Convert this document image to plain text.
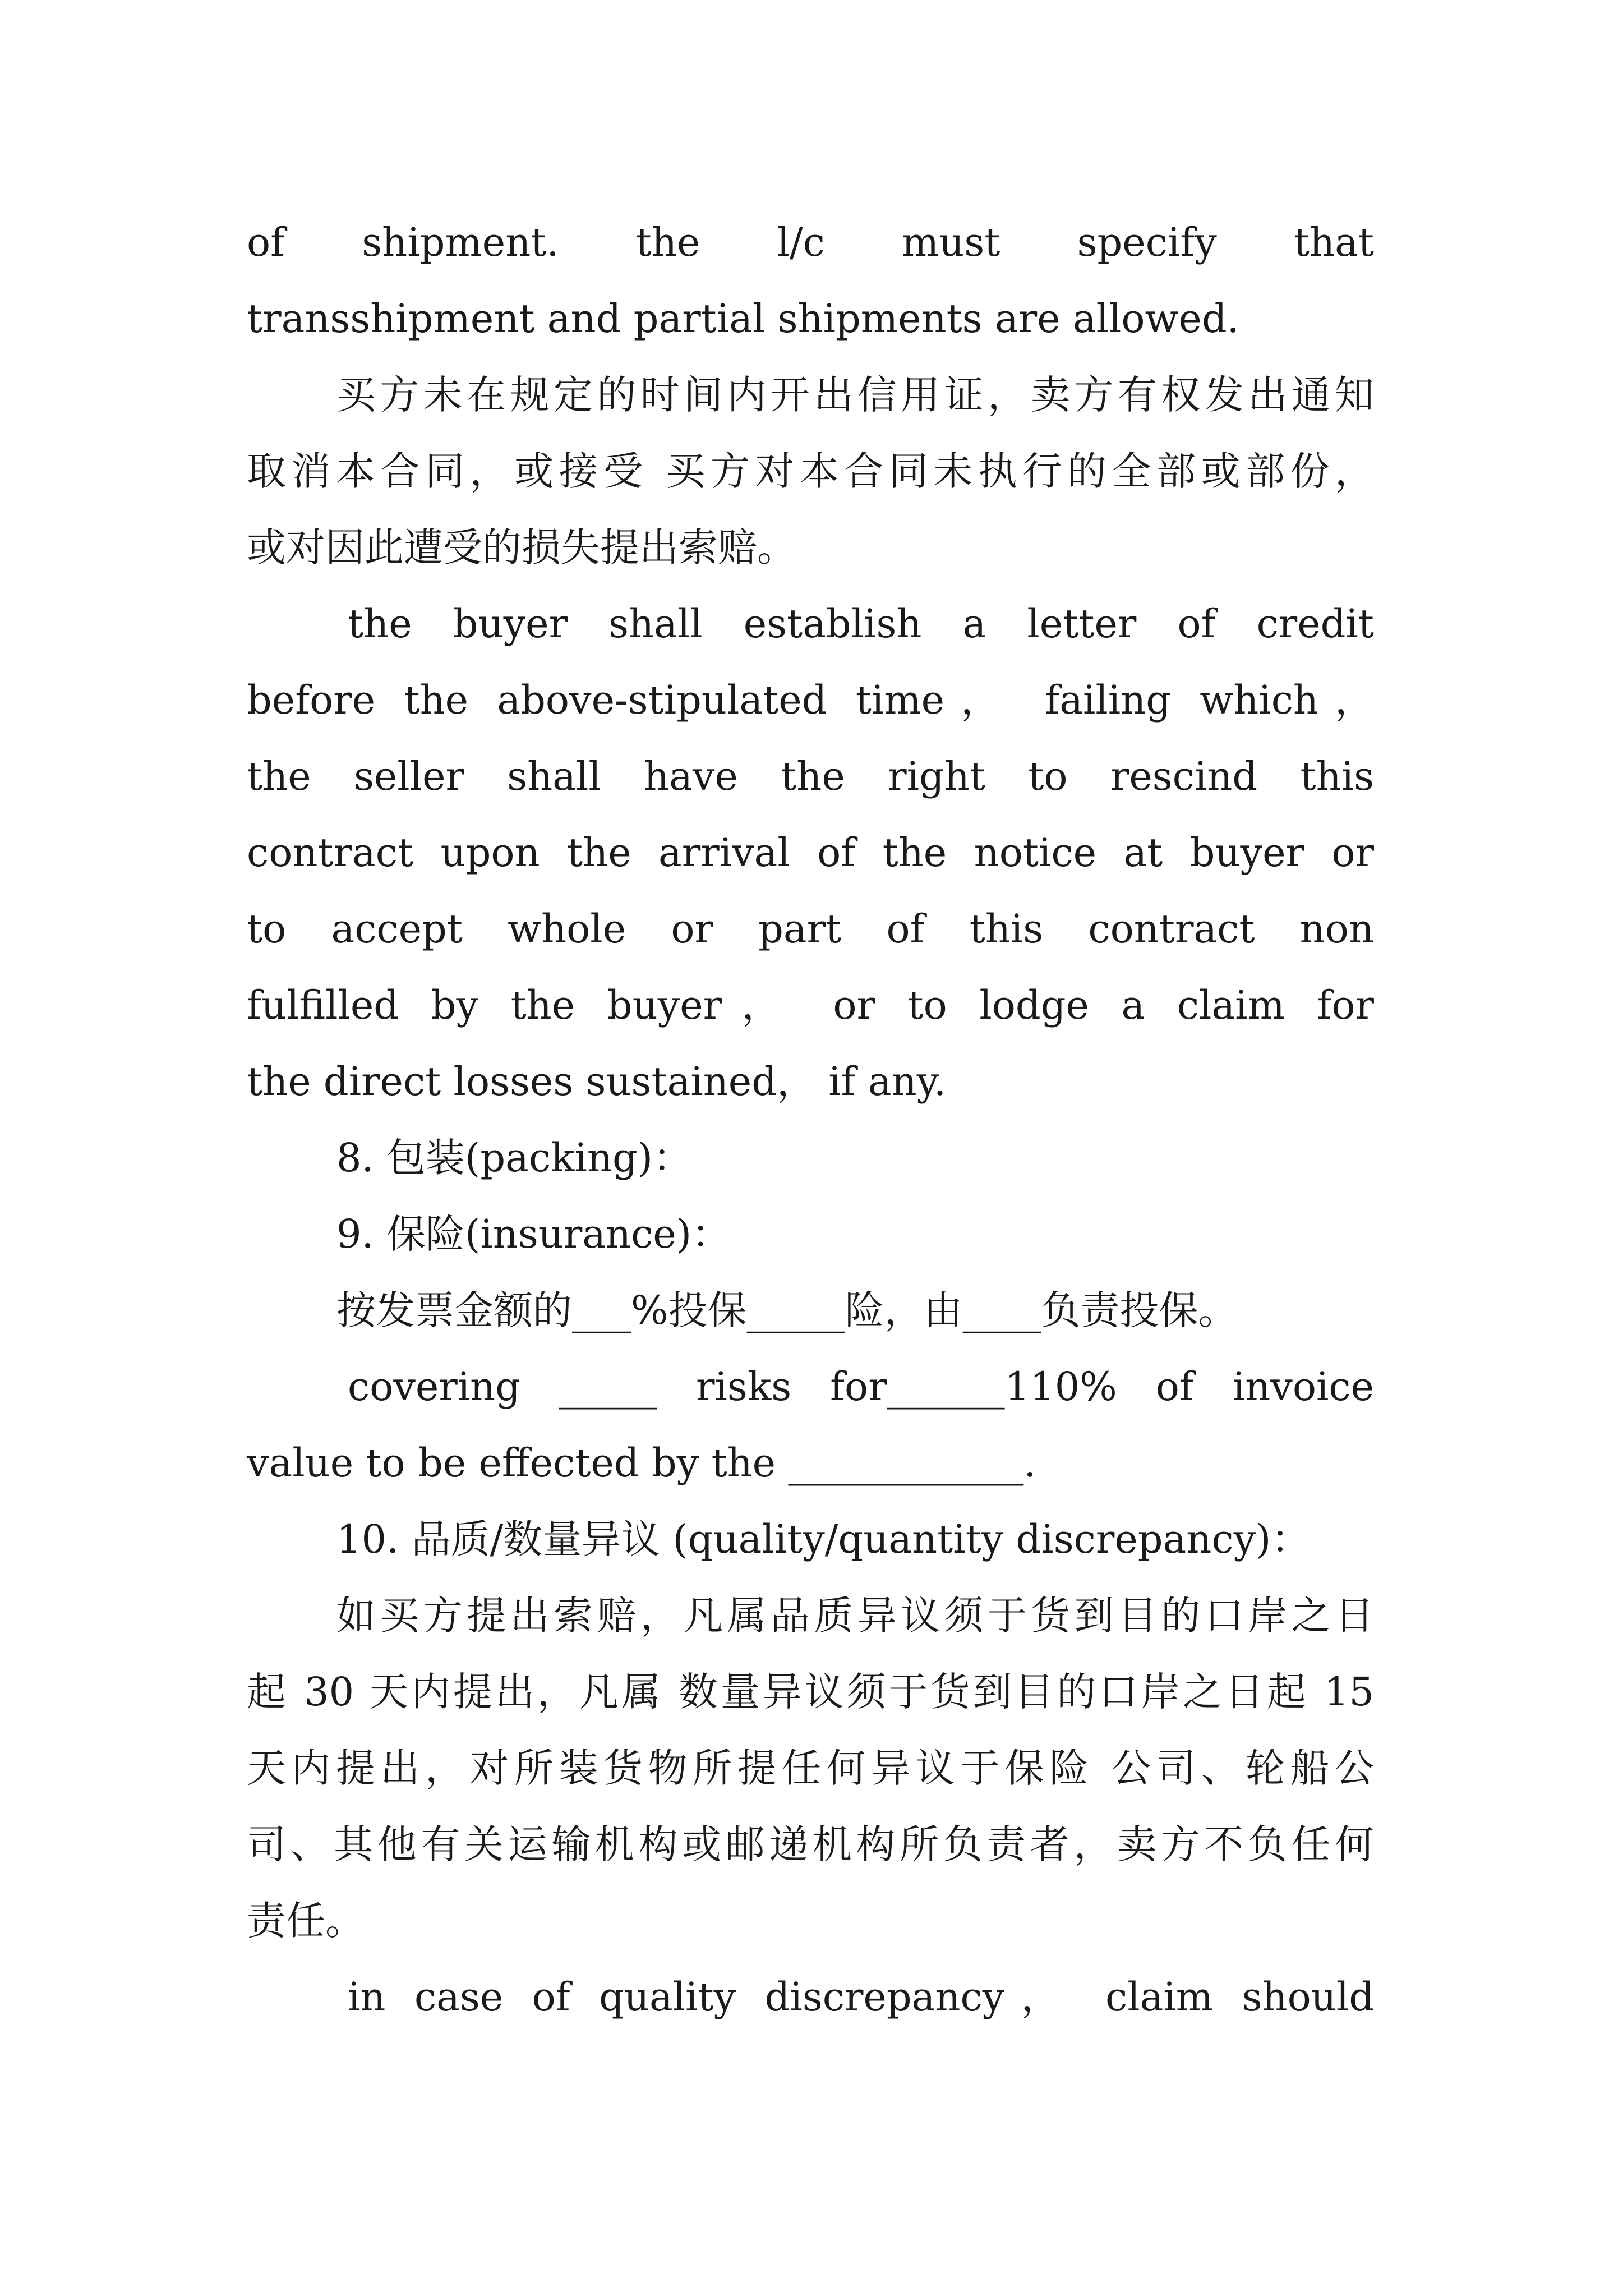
of shipment. the l/c must specify that
transshipment and partial shipments are allowed.
买方未在规定的时间内开出信用证，卖方有权发出通知
取消本合同，或接受 买方对本合同未执行的全部或部份，
或对因此遭受的损失提出索赔。
the buyer shall establish a letter of credit
before the above-stipulated time， failing which，
the seller shall have the right to rescind this
contract upon the arrival of the notice at buyer or
to accept whole or part of this contract non
fulfilled by the buyer， or to lodge a claim for
the direct losses sustained， if any.
8. 包装(packing)：
9. 保险(insurance)：
按发票金额的___%投保_____险，由____负责投保。
covering _____ risks for______110% of invoice
value to be effected by the ____________.
10. 品质/数量异议 (quality/quantity discrepancy)：
如买方提出索赔，凡属品质异议须于货到目的口岸之日
起 30 天内提出，凡属 数量异议须于货到目的口岸之日起 15
天内提出，对所装货物所提任何异议于保险 公司、轮船公
司、其他有关运输机构或邮递机构所负责者，卖方不负任何
责任。
in case of quality discrepancy， claim should
